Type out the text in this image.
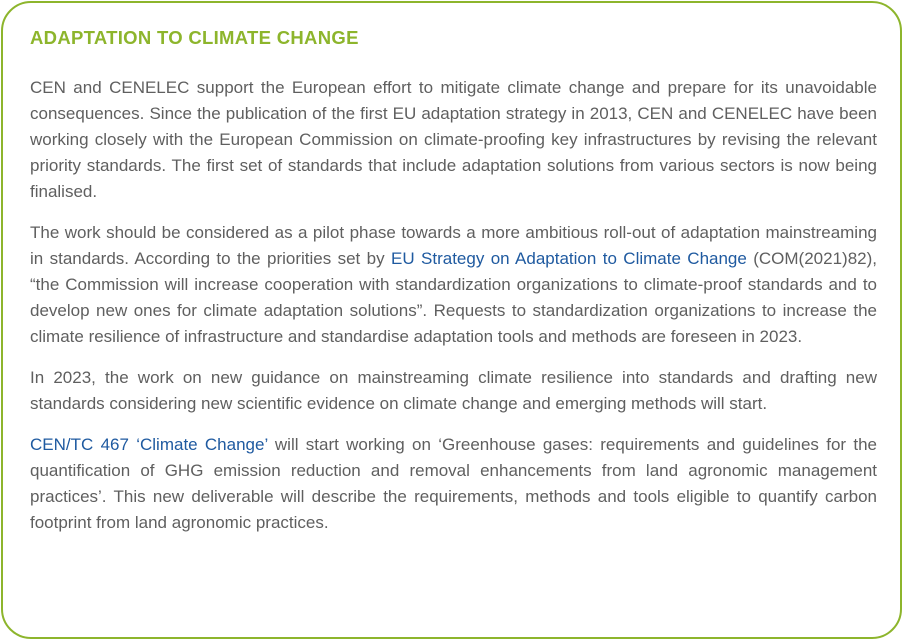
ADAPTATION TO CLIMATE CHANGE

CEN and CENELEC support the European effort to mitigate climate change and prepare for its unavoidable consequences. Since the publication of the first EU adaptation strategy in 2013, CEN and CENELEC have been working closely with the European Commission on climate-proofing key infrastructures by revising the relevant priority standards. The first set of standards that include adaptation solutions from various sectors is now being finalised.

The work should be considered as a pilot phase towards a more ambitious roll-out of adaptation mainstreaming in standards. According to the priorities set by EU Strategy on Adaptation to Climate Change (COM(2021)82), “the Commission will increase cooperation with standardization organizations to climate-proof standards and to develop new ones for climate adaptation solutions”. Requests to standardization organizations to increase the climate resilience of infrastructure and standardise adaptation tools and methods are foreseen in 2023.

In 2023, the work on new guidance on mainstreaming climate resilience into standards and drafting new standards considering new scientific evidence on climate change and emerging methods will start.

CEN/TC 467 ‘Climate Change’ will start working on ‘Greenhouse gases: requirements and guidelines for the quantification of GHG emission reduction and removal enhancements from land agronomic management practices’. This new deliverable will describe the requirements, methods and tools eligible to quantify carbon footprint from land agronomic practices.
